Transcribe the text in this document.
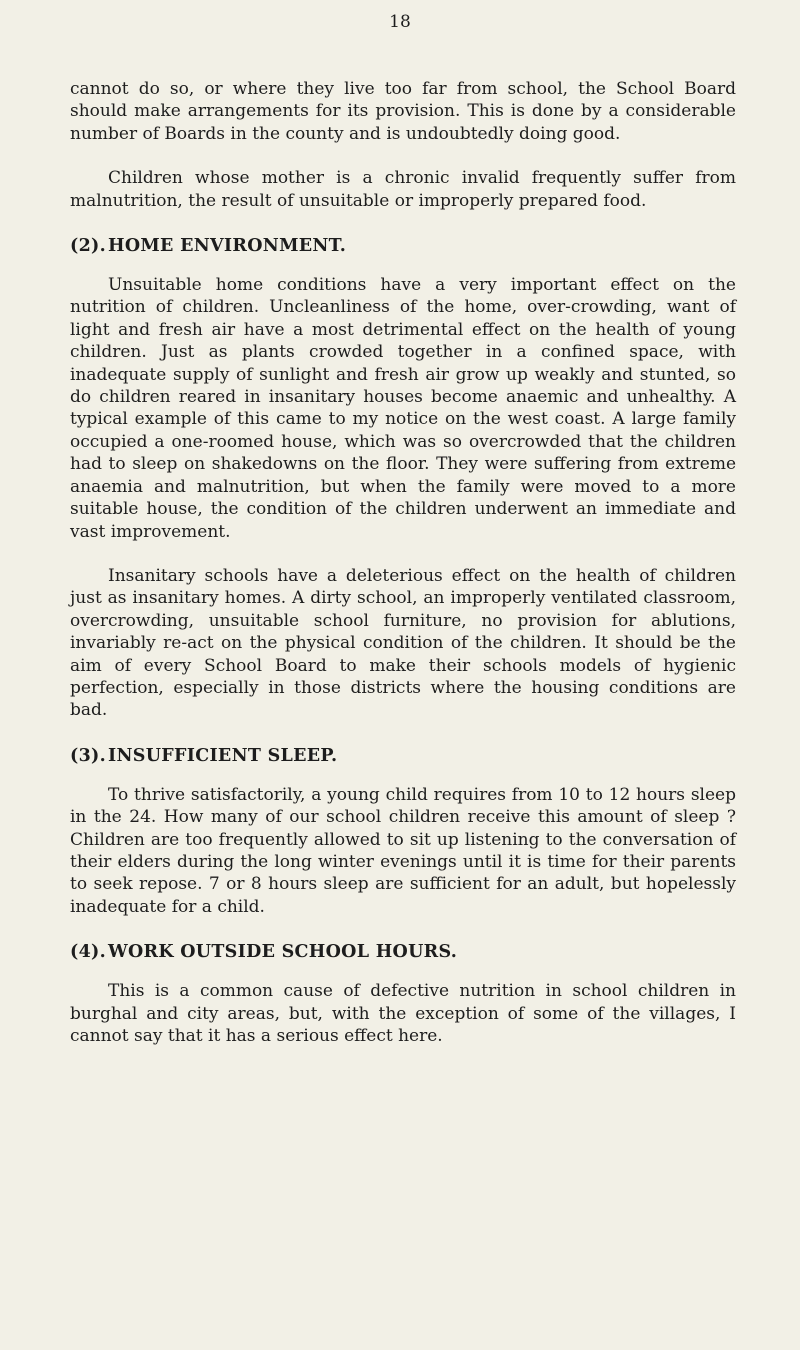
18

cannot do so, or where they live too far from school, the School Board should make arrangements for its provision. This is done by a considerable number of Boards in the county and is undoubtedly doing good.

Children whose mother is a chronic invalid frequently suffer from malnutrition, the result of unsuitable or improperly prepared food.

(2). HOME ENVIRONMENT.

Unsuitable home conditions have a very important effect on the nutrition of children. Uncleanliness of the home, over-crowding, want of light and fresh air have a most detrimental effect on the health of young children. Just as plants crowded together in a confined space, with inadequate supply of sunlight and fresh air grow up weakly and stunted, so do children reared in insanitary houses become anaemic and unhealthy. A typical example of this came to my notice on the west coast. A large family occupied a one-roomed house, which was so overcrowded that the children had to sleep on shakedowns on the floor. They were suffering from extreme anaemia and malnutrition, but when the family were moved to a more suitable house, the condition of the children underwent an immediate and vast improvement.

Insanitary schools have a deleterious effect on the health of children just as insanitary homes. A dirty school, an improperly ventilated classroom, overcrowding, unsuitable school furniture, no provision for ablutions, invariably re-act on the physical condition of the children. It should be the aim of every School Board to make their schools models of hygienic perfection, especially in those districts where the housing conditions are bad.

(3). INSUFFICIENT SLEEP.

To thrive satisfactorily, a young child requires from 10 to 12 hours sleep in the 24. How many of our school children receive this amount of sleep ? Children are too frequently allowed to sit up listening to the conversation of their elders during the long winter evenings until it is time for their parents to seek repose. 7 or 8 hours sleep are sufficient for an adult, but hopelessly inadequate for a child.

(4). WORK OUTSIDE SCHOOL HOURS.

This is a common cause of defective nutrition in school children in burghal and city areas, but, with the exception of some of the villages, I cannot say that it has a serious effect here.
